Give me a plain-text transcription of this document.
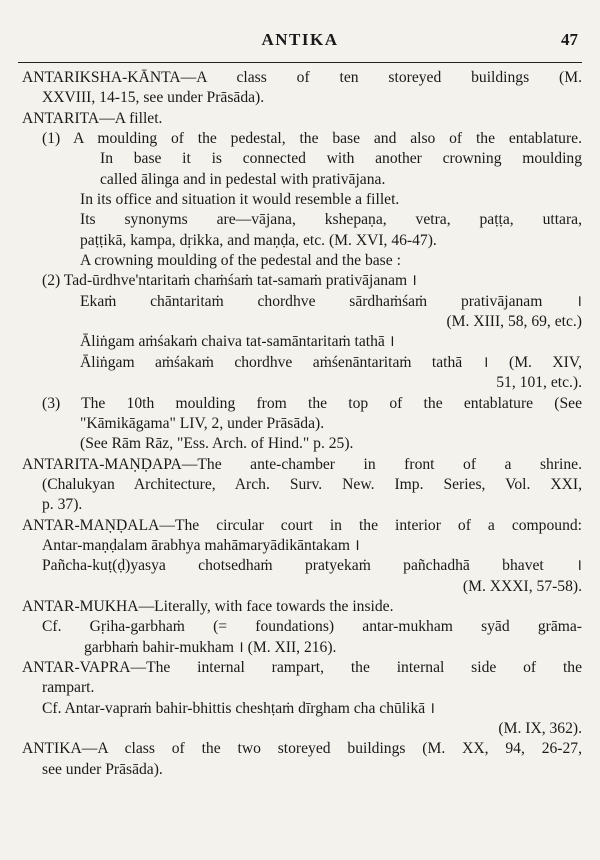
ANTIKA	47
ANTARIKSHA-KĀNTA—A class of ten storeyed buildings (M.
XXVIII, 14-15, see under Prāsāda).
ANTARITA—A fillet.
(1) A moulding of the pedestal, the base and also of the entablature.
In base it is connected with another crowning moulding
called ālinga and in pedestal with prativājana.
In its office and situation it would resemble a fillet.
Its synonyms are—vājana, kshepaṇa, vetra, paṭṭa, uttara,
paṭṭikā, kampa, dṛikka, and maṇḍa, etc. (M. XVI, 46-47).
A crowning moulding of the pedestal and the base :
(2) Tad-ūrdhve'ntaritaṁ chaṁśaṁ tat-samaṁ prativājanam ।
Ekaṁ chāntaritaṁ chordhve sārdhaṁśaṁ prativājanam ।
(M. XIII, 58, 69, etc.)
Āliṅgam aṁśakaṁ chaiva tat-samāntaritaṁ tathā ।
Āliṅgam aṁśakaṁ chordhve aṁśenāntaritaṁ tathā । (M. XIV,
51, 101, etc.).
(3) The 10th moulding from the top of the entablature (See
"Kāmikāgama" LIV, 2, under Prāsāda).
(See Rām Rāz, "Ess. Arch. of Hind." p. 25).
ANTARITA-MAṆḌAPA—The ante-chamber in front of a shrine.
(Chalukyan Architecture, Arch. Surv. New. Imp. Series, Vol. XXI,
p. 37).
ANTAR-MAṆḌALA—The circular court in the interior of a compound:
Antar-maṇḍalam ārabhya mahāmaryādikāntakam ।
Pañcha-kuṭ(ḍ)yasya chotsedhaṁ pratyekaṁ pañchadhā bhavet ।
(M. XXXI, 57-58).
ANTAR-MUKHA—Literally, with face towards the inside.
Cf. Gṛiha-garbhaṁ (= foundations) antar-mukham syād grāma-
garbhaṁ bahir-mukham । (M. XII, 216).
ANTAR-VAPRA—The internal rampart, the internal side of the
rampart.
Cf. Antar-vapraṁ bahir-bhittis cheshṭaṁ dīrgham cha chūlikā ।
(M. IX, 362).
ANTIKA—A class of the two storeyed buildings (M. XX, 94, 26-27,
see under Prāsāda).
